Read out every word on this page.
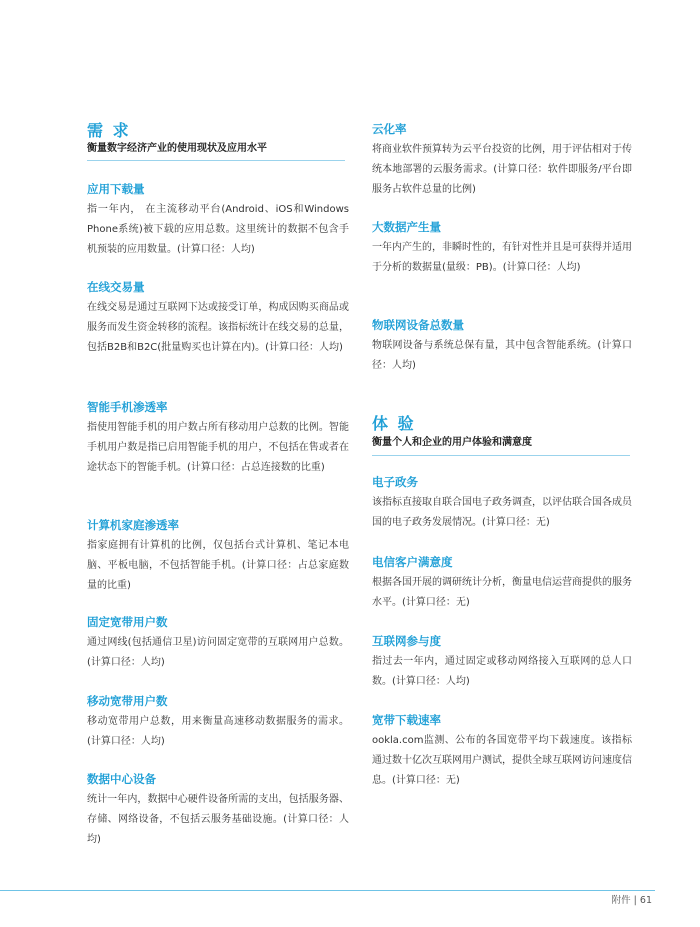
需 求
衡量数字经济产业的使用现状及应用水平
应用下载量
指一年内， 在主流移动平台(Android、iOS和Windows Phone系统)被下载的应用总数。这里统计的数据不包含手机预装的应用数量。(计算口径：人均)
在线交易量
在线交易是通过互联网下达或接受订单，构成因购买商品或服务而发生资金转移的流程。该指标统计在线交易的总量，包括B2B和B2C(批量购买也计算在内)。(计算口径：人均)
智能手机渗透率
指使用智能手机的用户数占所有移动用户总数的比例。智能手机用户数是指已启用智能手机的用户，不包括在售或者在途状态下的智能手机。(计算口径：占总连接数的比重)
计算机家庭渗透率
指家庭拥有计算机的比例，仅包括台式计算机、笔记本电脑、平板电脑，不包括智能手机。(计算口径：占总家庭数量的比重)
固定宽带用户数
通过网线(包括通信卫星)访问固定宽带的互联网用户总数。(计算口径：人均)
移动宽带用户数
移动宽带用户总数，用来衡量高速移动数据服务的需求。(计算口径：人均)
数据中心设备
统计一年内，数据中心硬件设备所需的支出，包括服务器、存储、网络设备，不包括云服务基础设施。(计算口径：人均)
云化率
将商业软件预算转为云平台投资的比例，用于评估相对于传统本地部署的云服务需求。(计算口径：软件即服务/平台即服务占软件总量的比例)
大数据产生量
一年内产生的，非瞬时性的，有针对性并且是可获得并适用于分析的数据量(量级：PB)。(计算口径：人均)
物联网设备总数量
物联网设备与系统总保有量，其中包含智能系统。(计算口径：人均)
体 验
衡量个人和企业的用户体验和满意度
电子政务
该指标直接取自联合国电子政务调查，以评估联合国各成员国的电子政务发展情况。(计算口径：无)
电信客户满意度
根据各国开展的调研统计分析，衡量电信运营商提供的服务水平。(计算口径：无)
互联网参与度
指过去一年内，通过固定或移动网络接入互联网的总人口数。(计算口径：人均)
宽带下载速率
ookla.com监测、公布的各国宽带平均下载速度。该指标通过数十亿次互联网用户测试，提供全球互联网访问速度信息。(计算口径：无)
附件 | 61
